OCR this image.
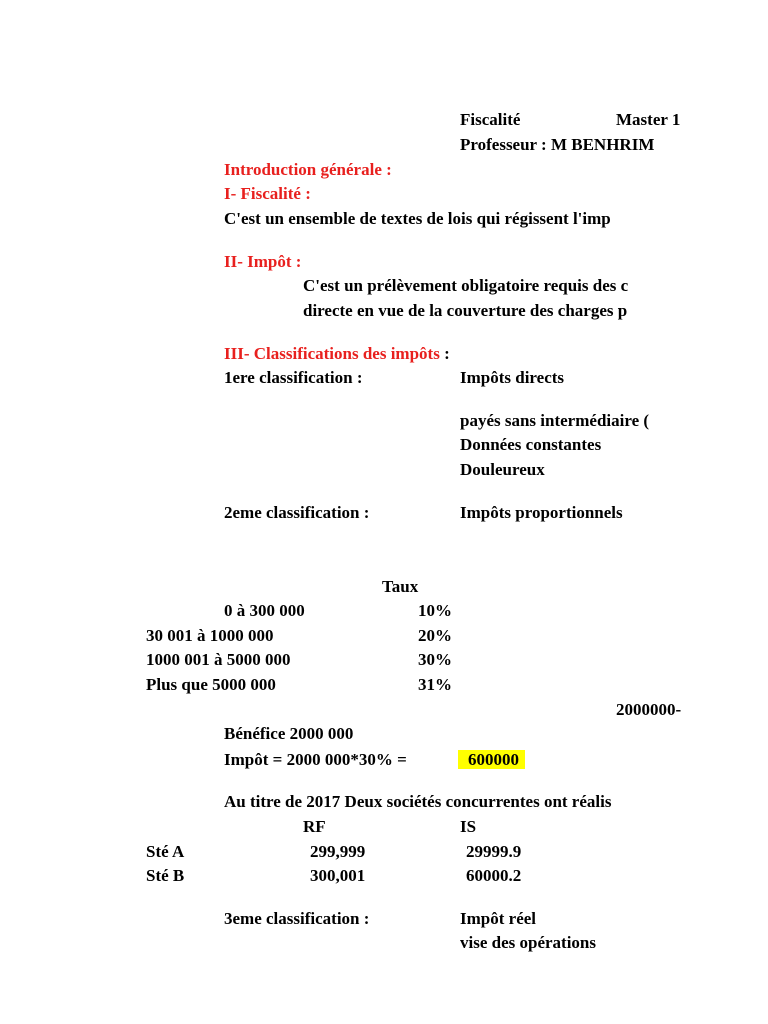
Fiscalité	Master 1
Professeur : M BENHRIM
Introduction générale :
I- Fiscalité :
C'est un ensemble de textes de lois qui régissent l'imp
II- Impôt :
C'est un prélèvement obligatoire requis des c
directe en vue de la couverture des charges p
III- Classifications des impôts :
1ere classification :	Impôts directs
payés sans intermédiaire (
Données constantes
Douleureux
2eme classification :	Impôts proportionnels
Taux
0 à 300 000	10%
30 001 à 1000 000	20%
1000 001 à 5000 000	30%
Plus que 5000 000	31%
2000000-
Bénéfice 2000 000
Impôt = 2000 000*30% =	600000
Au titre de 2017 Deux sociétés concurrentes ont réalis
RF	IS
Sté A	299,999	29999.9
Sté B	300,001	60000.2
3eme classification :	Impôt réel
vise des opérations
